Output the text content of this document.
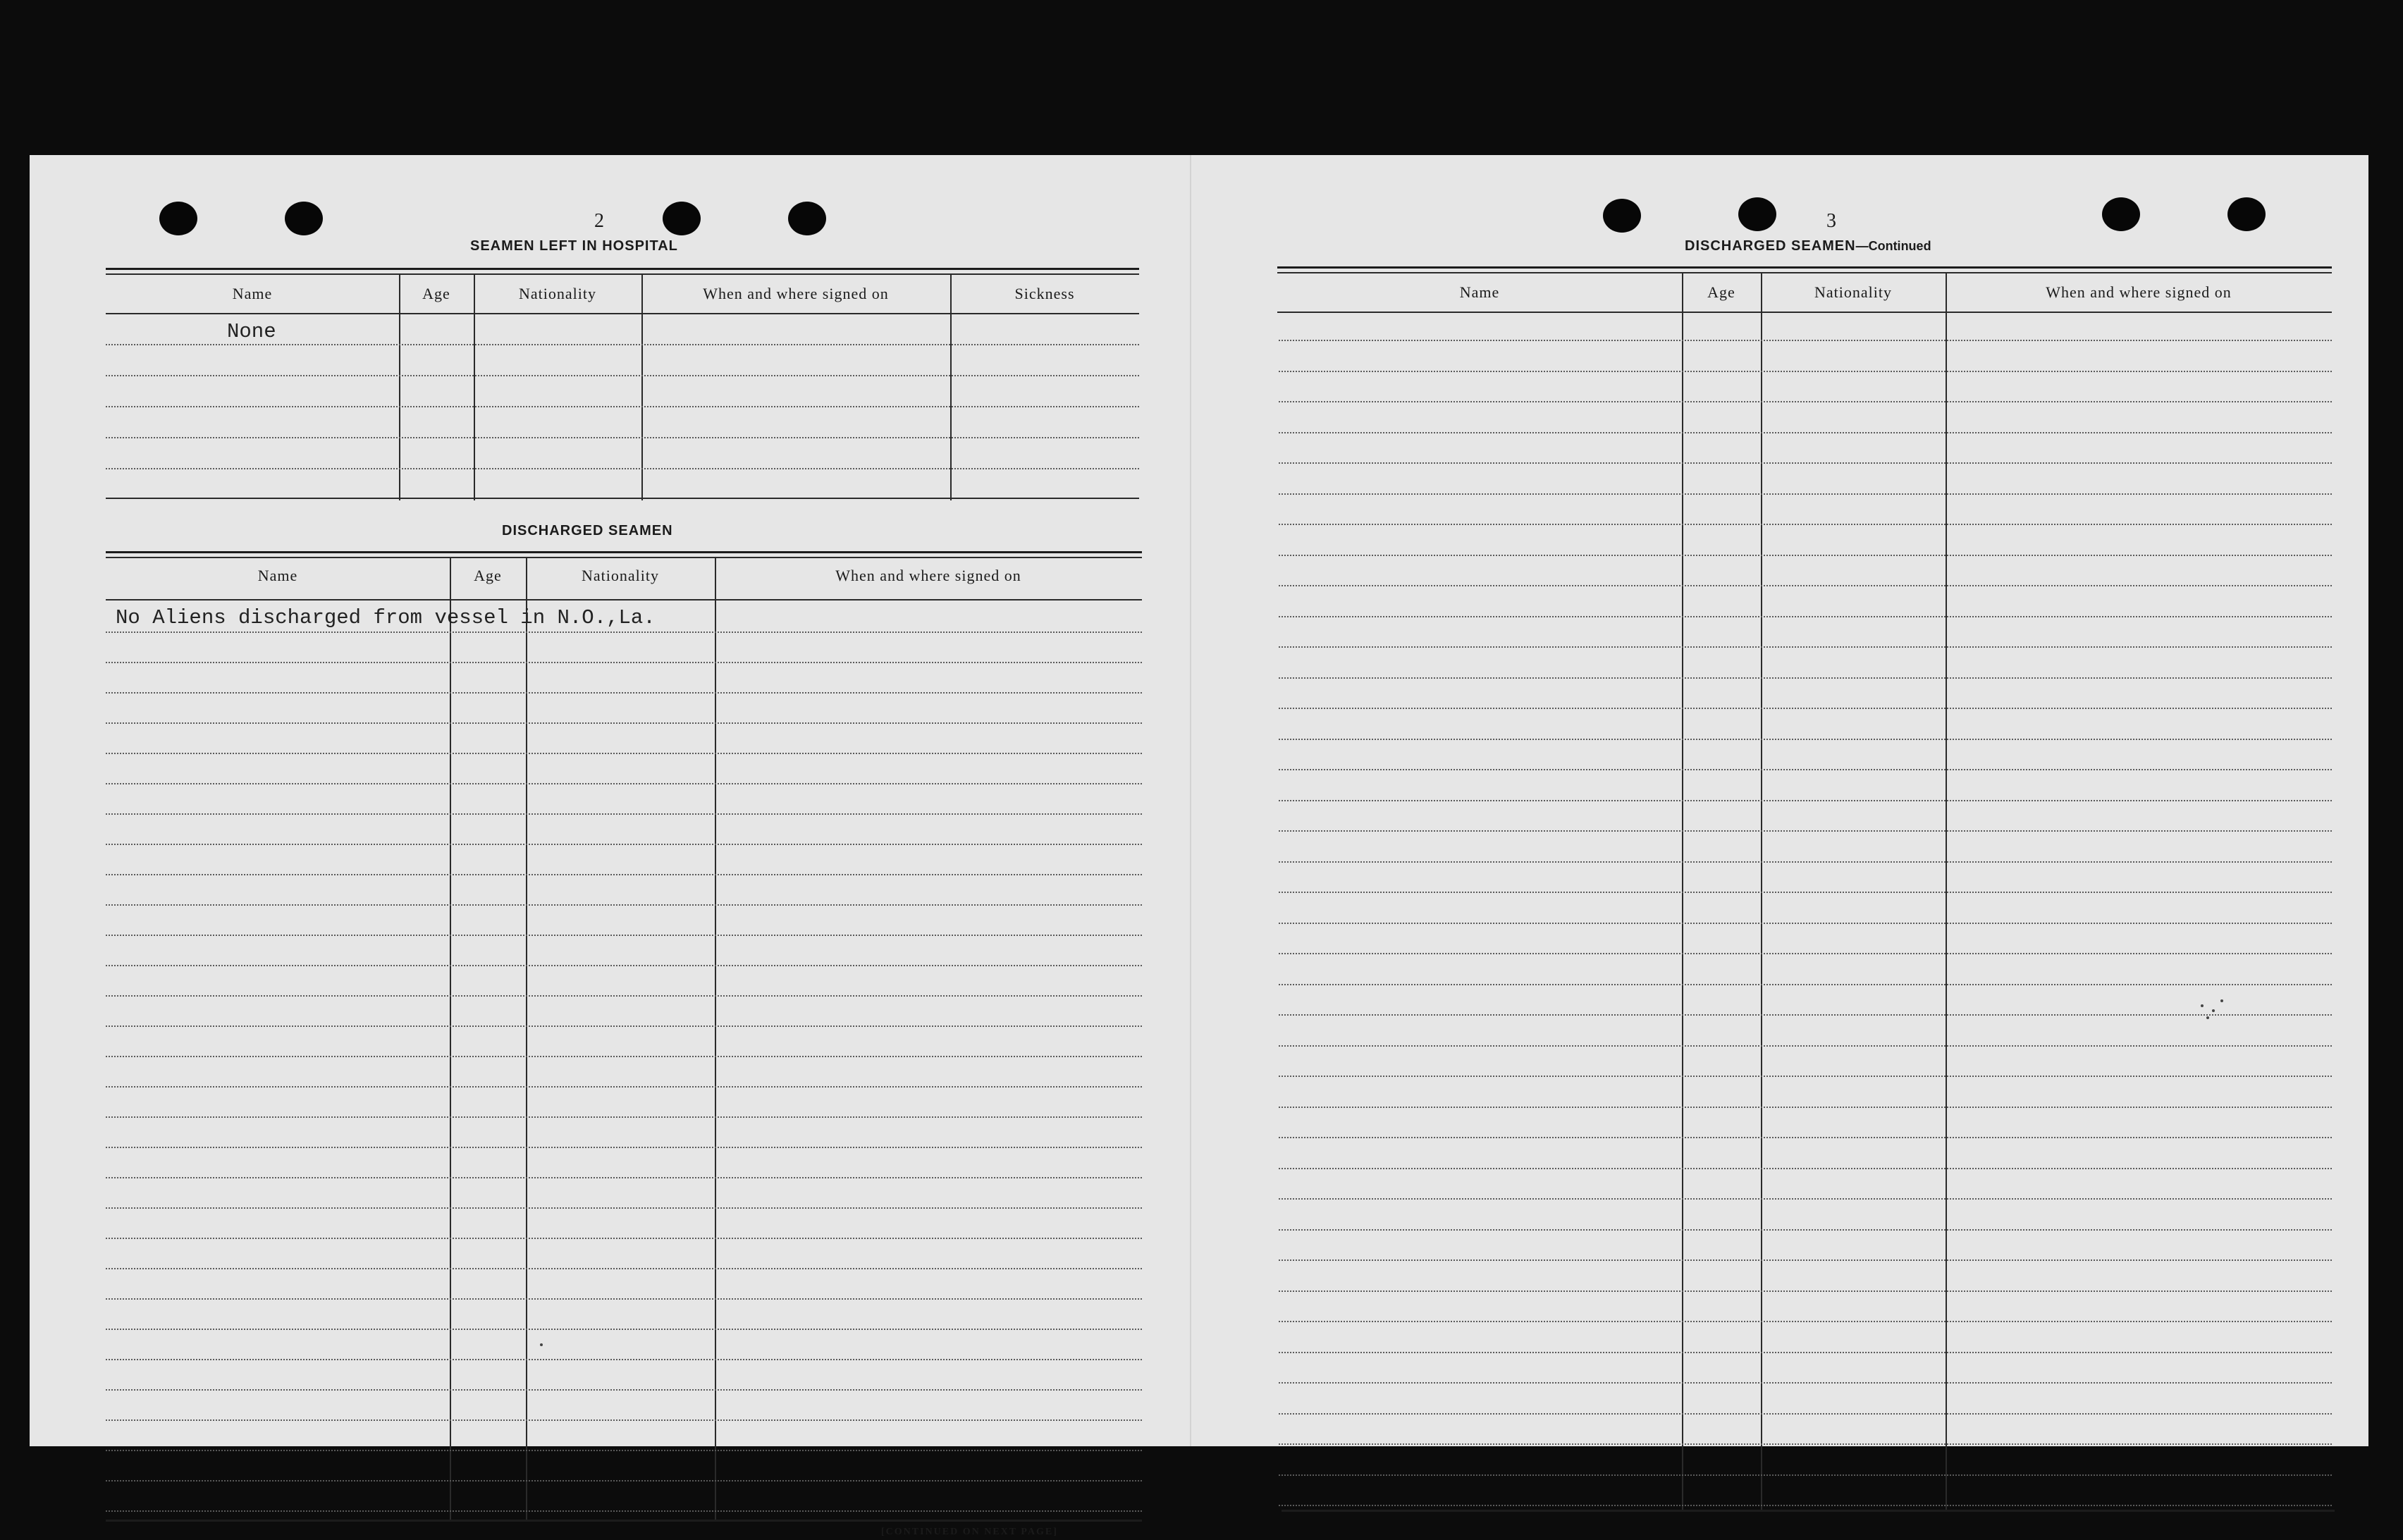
2
SEAMEN LEFT IN HOSPITAL
Name	Age	Nationality	When and where signed on	Sickness
None
DISCHARGED SEAMEN
Name	Age	Nationality	When and where signed on
No Aliens discharged from vessel in N.O.,La.
[CONTINUED ON NEXT PAGE]
3
DISCHARGED SEAMEN—Continued
Name	Age	Nationality	When and where signed on
